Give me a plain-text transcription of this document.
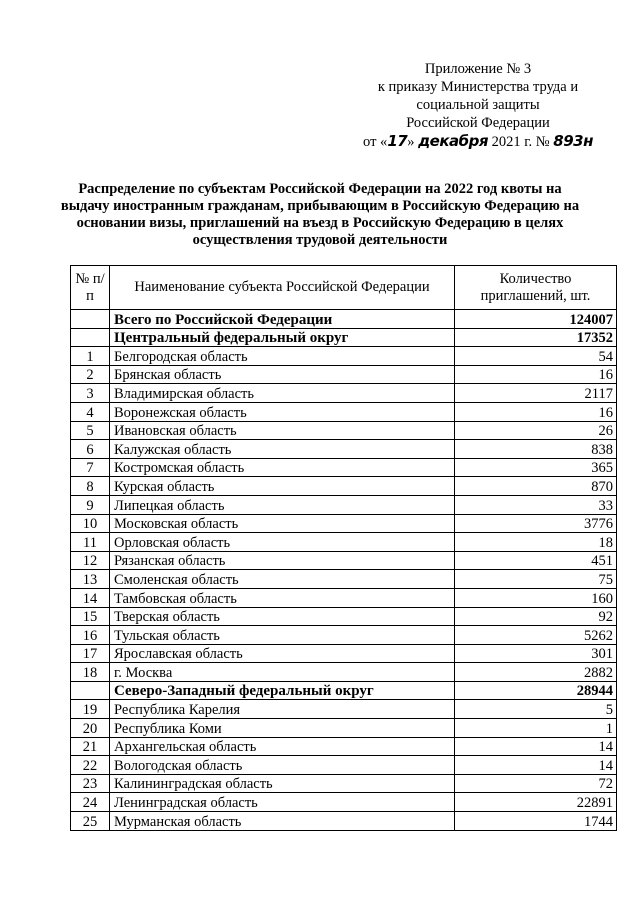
Приложение № 3
к приказу Министерства труда и
социальной защиты
Российской Федерации
от «17» декабря 2021 г. № 893н
Распределение по субъектам Российской Федерации на 2022 год квоты на выдачу иностранным гражданам, прибывающим в Российскую Федерацию на основании визы, приглашений на въезд в Российскую Федерацию в целях осуществления трудовой деятельности
№ п/п	Наименование субъекта Российской Федерации	Количество приглашений, шт.
	Всего по Российской Федерации	124007
	Центральный федеральный округ	17352
1	Белгородская область	54
2	Брянская область	16
3	Владимирская область	2117
4	Воронежская область	16
5	Ивановская область	26
6	Калужская область	838
7	Костромская область	365
8	Курская область	870
9	Липецкая область	33
10	Московская область	3776
11	Орловская область	18
12	Рязанская область	451
13	Смоленская область	75
14	Тамбовская область	160
15	Тверская область	92
16	Тульская область	5262
17	Ярославская область	301
18	г. Москва	2882
	Северо-Западный федеральный округ	28944
19	Республика Карелия	5
20	Республика Коми	1
21	Архангельская область	14
22	Вологодская область	14
23	Калининградская область	72
24	Ленинградская область	22891
25	Мурманская область	1744
